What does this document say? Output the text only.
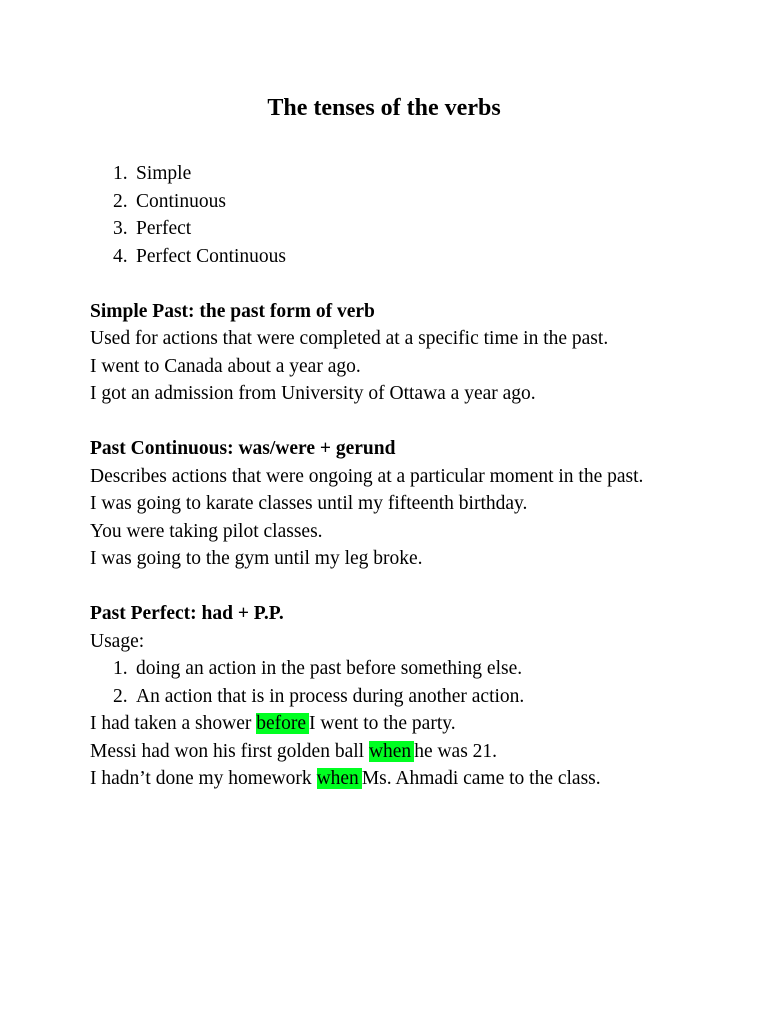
The tenses of the verbs
1. Simple
2. Continuous
3. Perfect
4. Perfect Continuous
Simple Past: the past form of verb
Used for actions that were completed at a specific time in the past.
I went to Canada about a year ago.
I got an admission from University of Ottawa a year ago.
Past Continuous: was/were + gerund
Describes actions that were ongoing at a particular moment in the past.
I was going to karate classes until my fifteenth birthday.
You were taking pilot classes.
I was going to the gym until my leg broke.
Past Perfect: had + P.P.
Usage:
1. doing an action in the past before something else.
2. An action that is in process during another action.
I had taken a shower before I went to the party.
Messi had won his first golden ball when he was 21.
I hadn’t done my homework when Ms. Ahmadi came to the class.
